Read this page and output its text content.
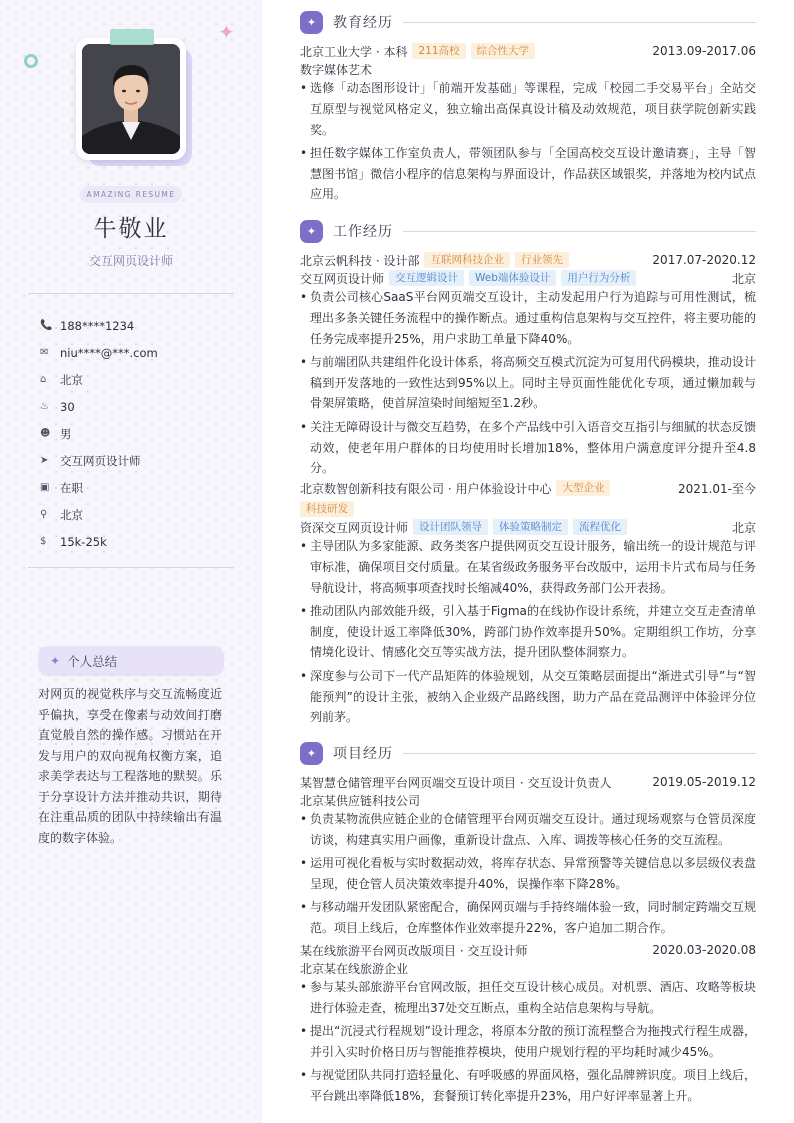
✦
AMAZING RESUME
牛敬业
交互网页设计师
📞 188****1234
✉	niu****@***.com
⌂	北京
♨ 30
☻ 男
➤	交互网页设计师
▣ 在职
⚲	北京
$	15k-25k
✦ 个人总结
对网页的视觉秩序与交互流畅度近乎偏执，享受在像素与动效间打磨直觉般自然的操作感。习惯站在开发与用户的双向视角权衡方案，追求美学表达与工程落地的默契。乐于分享设计方法并推动共识，期待在注重品质的团队中持续输出有温度的数字体验。
✦	教育经历
北京工业大学 · 本科	211高校	综合性大学	2013.09-2017.06
数字媒体艺术
• 选修「动态图形设计」「前端开发基础」等课程，完成「校园二手交易平台」全站交互原型与视觉风格定义，独立输出高保真设计稿及动效规范，项目获学院创新实践奖。
• 担任数字媒体工作室负责人，带领团队参与「全国高校交互设计邀请赛」，主导「智慧图书馆」微信小程序的信息架构与界面设计，作品获区域银奖，并落地为校内试点应用。
✦	工作经历
北京云帆科技 · 设计部	互联网科技企业	行业领先	2017.07-2020.12
交互网页设计师	交互逻辑设计	Web端体验设计	用户行为分析	北京
• 负责公司核心SaaS平台网页端交互设计，主动发起用户行为追踪与可用性测试，梳理出多条关键任务流程中的操作断点。通过重构信息架构与交互控件，将主要功能的任务完成率提升25%，用户求助工单量下降40%。
• 与前端团队共建组件化设计体系，将高频交互模式沉淀为可复用代码模块，推动设计稿到开发落地的一致性达到95%以上。同时主导页面性能优化专项，通过懒加载与骨架屏策略，使首屏渲染时间缩短至1.2秒。
• 关注无障碍设计与微交互趋势，在多个产品线中引入语音交互指引与细腻的状态反馈动效，使老年用户群体的日均使用时长增加18%，整体用户满意度评分提升至4.8分。
北京数智创新科技有限公司 · 用户体验设计中心	大型企业	2021.01-至今
科技研发
资深交互网页设计师	设计团队领导	体验策略制定	流程优化	北京
• 主导团队为多家能源、政务类客户提供网页交互设计服务，输出统一的设计规范与评审标准，确保项目交付质量。在某省级政务服务平台改版中，运用卡片式布局与任务导航设计，将高频事项查找时长缩减40%，获得政务部门公开表扬。
• 推动团队内部效能升级，引入基于Figma的在线协作设计系统，并建立交互走查清单制度，使设计返工率降低30%，跨部门协作效率提升50%。定期组织工作坊，分享情境化设计、情感化交互等实战方法，提升团队整体洞察力。
• 深度参与公司下一代产品矩阵的体验规划，从交互策略层面提出“渐进式引导”与“智能预判”的设计主张，被纳入企业级产品路线图，助力产品在竞品测评中体验评分位列前茅。
✦	项目经历
某智慧仓储管理平台网页端交互设计项目 · 交互设计负责人	2019.05-2019.12
北京某供应链科技公司
• 负责某物流供应链企业的仓储管理平台网页端交互设计。通过现场观察与仓管员深度访谈，构建真实用户画像，重新设计盘点、入库、调拨等核心任务的交互流程。
• 运用可视化看板与实时数据动效，将库存状态、异常预警等关键信息以多层级仪表盘呈现，使仓管人员决策效率提升40%，误操作率下降28%。
• 与移动端开发团队紧密配合，确保网页端与手持终端体验一致，同时制定跨端交互规范。项目上线后，仓库整体作业效率提升22%，客户追加二期合作。
某在线旅游平台网页改版项目 · 交互设计师	2020.03-2020.08
北京某在线旅游企业
• 参与某头部旅游平台官网改版，担任交互设计核心成员。对机票、酒店、攻略等板块进行体验走查，梳理出37处交互断点，重构全站信息架构与导航。
• 提出“沉浸式行程规划”设计理念，将原本分散的预订流程整合为拖拽式行程生成器，并引入实时价格日历与智能推荐模块，使用户规划行程的平均耗时减少45%。
• 与视觉团队共同打造轻量化、有呼吸感的界面风格，强化品牌辨识度。项目上线后，平台跳出率降低18%，套餐预订转化率提升23%，用户好评率显著上升。
